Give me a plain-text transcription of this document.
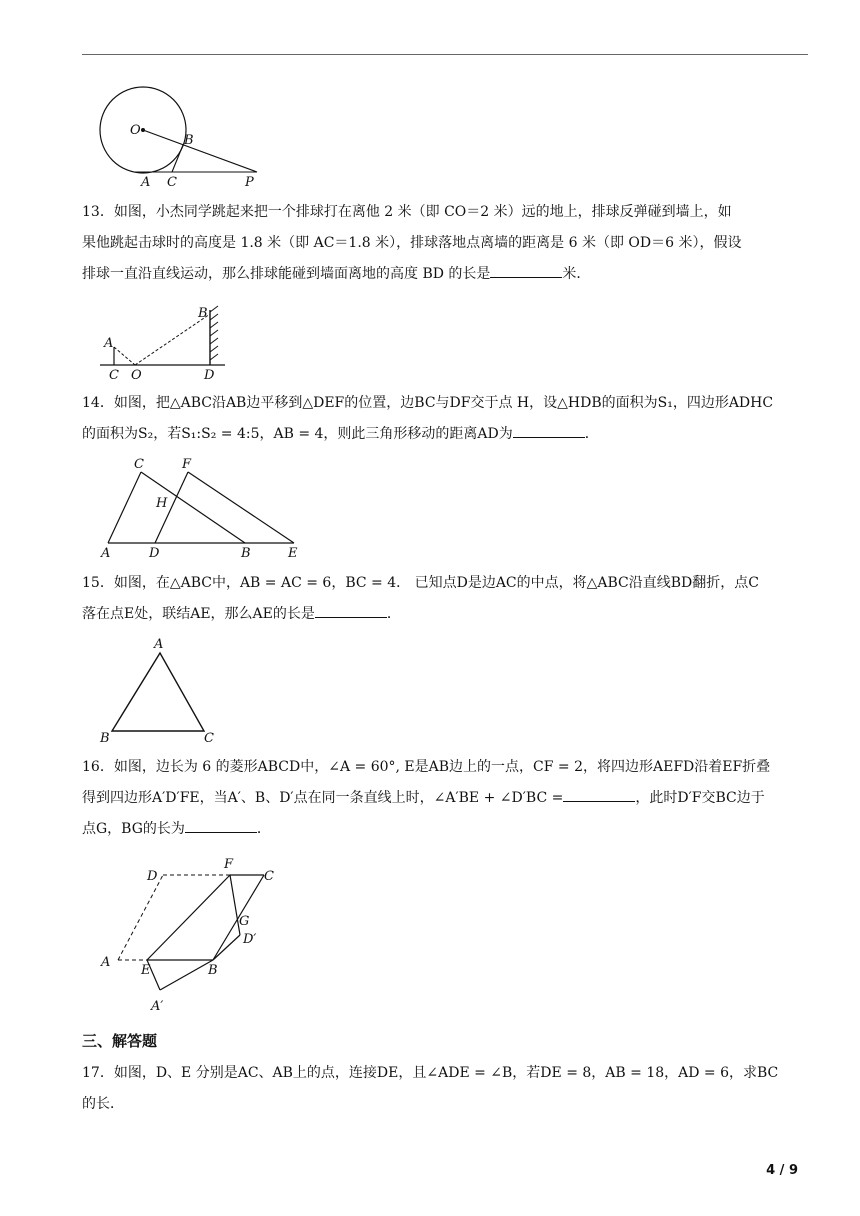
O
B
A C	P
13．如图，小杰同学跳起来把一个排球打在离他 2 米（即 CO＝2 米）远的地上，排球反弹碰到墙上，如
果他跳起击球时的高度是 1.8 米（即 AC＝1.8 米），排球落地点离墙的距离是 6 米（即 OD＝6 米），假设
排球一直沿直线运动，那么排球能碰到墙面离地的高度 BD 的长是	米．
A
B
C O	D
14．如图，把△ABC沿AB边平移到△DEF的位置，边BC与DF交于点 H，设△HDB的面积为S₁，四边形ADHC
的面积为S₂，若S₁:S₂ = 4:5，AB = 4，则此三角形移动的距离AD为	．
C	F
H
A	D	B	E
15．如图，在△ABC中，AB = AC = 6，BC = 4． 已知点D是边AC的中点，将△ABC沿直线BD翻折，点C
落在点E处，联结AE，那么AE的长是	．
A
B	C
16．如图，边长为 6 的菱形ABCD中，∠A = 60°, E是AB边上的一点，CF = 2，将四边形AEFD沿着EF折叠
得到四边形A′D′FE，当A′、B、D′点在同一条直线上时，∠A′BE + ∠D′BC =	，此时D′F交BC边于
点G，BG的长为	．
D
F
C
G
D′
A
E	B
A′
三、解答题
17．如图，D、E 分别是AC、AB上的点，连接DE，且∠ADE = ∠B，若DE = 8，AB = 18，AD = 6，求BC
的长．
4 / 9
